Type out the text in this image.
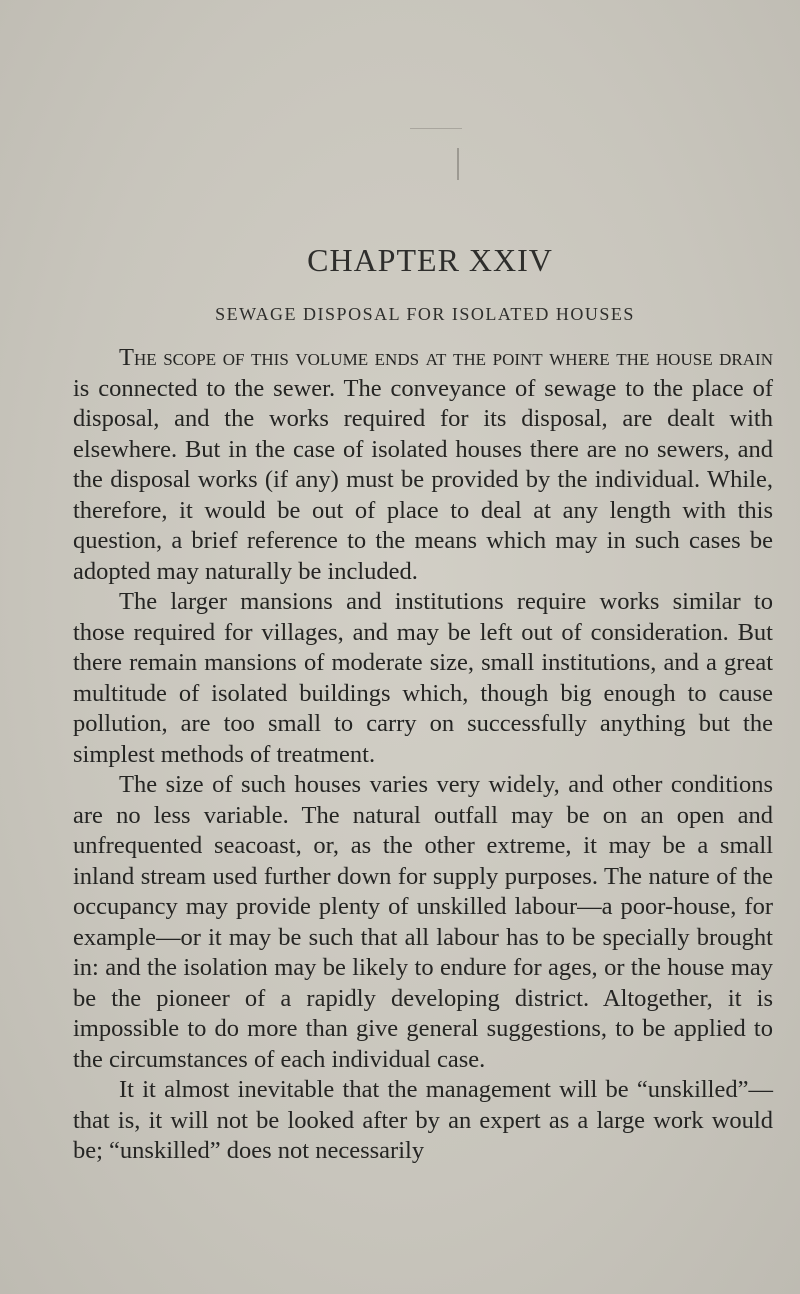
CHAPTER XXIV
SEWAGE DISPOSAL FOR ISOLATED HOUSES

The scope of this volume ends at the point where the house drain is connected to the sewer. The conveyance of sewage to the place of disposal, and the works required for its disposal, are dealt with elsewhere. But in the case of isolated houses there are no sewers, and the disposal works (if any) must be provided by the individual. While, therefore, it would be out of place to deal at any length with this question, a brief reference to the means which may in such cases be adopted may naturally be included.

The larger mansions and institutions require works similar to those required for villages, and may be left out of consideration. But there remain mansions of moderate size, small institutions, and a great multitude of isolated buildings which, though big enough to cause pollution, are too small to carry on successfully anything but the simplest methods of treatment.

The size of such houses varies very widely, and other conditions are no less variable. The natural outfall may be on an open and unfrequented seacoast, or, as the other extreme, it may be a small inland stream used further down for supply purposes. The nature of the occupancy may provide plenty of unskilled labour—a poor-house, for example—or it may be such that all labour has to be specially brought in: and the isolation may be likely to endure for ages, or the house may be the pioneer of a rapidly developing district. Altogether, it is impossible to do more than give general suggestions, to be applied to the circumstances of each individual case.

It it almost inevitable that the management will be “unskilled”—that is, it will not be looked after by an expert as a large work would be; “unskilled” does not necessarily
